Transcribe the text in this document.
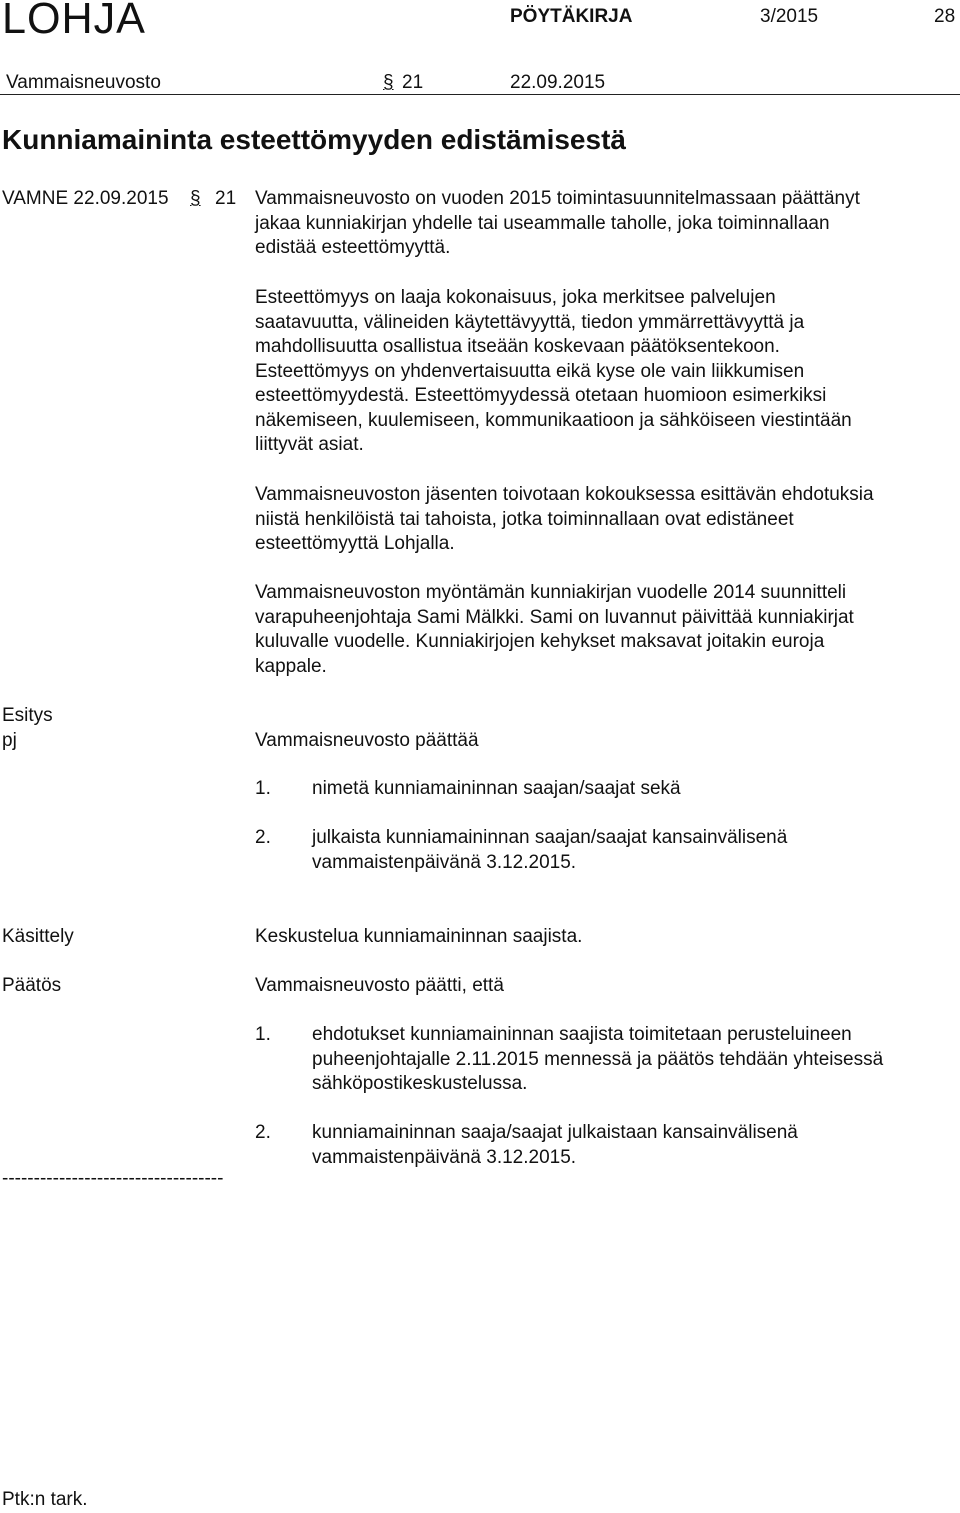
LOHJA	PÖYTÄKIRJA	3/2015	28
Vammaisneuvosto	§ 21	22.09.2015
Kunniamaininta esteettömyyden edistämisestä
VAMNE 22.09.2015 § 21 Vammaisneuvosto on vuoden 2015 toimintasuunnitelmassaan päättänyt
jakaa kunniakirjan yhdelle tai useammalle taholle, joka toiminnallaan
edistää esteettömyyttä.
Esteettömyys on laaja kokonaisuus, joka merkitsee palvelujen
saatavuutta, välineiden käytettävyyttä, tiedon ymmärrettävyyttä ja
mahdollisuutta osallistua itseään koskevaan päätöksentekoon.
Esteettömyys on yhdenvertaisuutta eikä kyse ole vain liikkumisen
esteettömyydestä. Esteettömyydessä otetaan huomioon esimerkiksi
näkemiseen, kuulemiseen, kommunikaatioon ja sähköiseen viestintään
liittyvät asiat.
Vammaisneuvoston jäsenten toivotaan kokouksessa esittävän ehdotuksia
niistä henkilöistä tai tahoista, jotka toiminnallaan ovat edistäneet
esteettömyyttä Lohjalla.
Vammaisneuvoston myöntämän kunniakirjan vuodelle 2014 suunnitteli
varapuheenjohtaja Sami Mälkki. Sami on luvannut päivittää kunniakirjat
kuluvalle vuodelle. Kunniakirjojen kehykset maksavat joitakin euroja
kappale.
Esitys
pj	Vammaisneuvosto päättää
1. nimetä kunniamaininnan saajan/saajat sekä
2. julkaista kunniamaininnan saajan/saajat kansainvälisenä
vammaistenpäivänä 3.12.2015.
Käsittely	Keskustelua kunniamaininnan saajista.
Päätös	Vammaisneuvosto päätti, että
1. ehdotukset kunniamaininnan saajista toimitetaan perusteluineen
puheenjohtajalle 2.11.2015 mennessä ja päätös tehdään yhteisessä
sähköpostikeskustelussa.
2. kunniamaininnan saaja/saajat julkaistaan kansainvälisenä
vammaistenpäivänä 3.12.2015.
-----------------------------------
Ptk:n tark.
